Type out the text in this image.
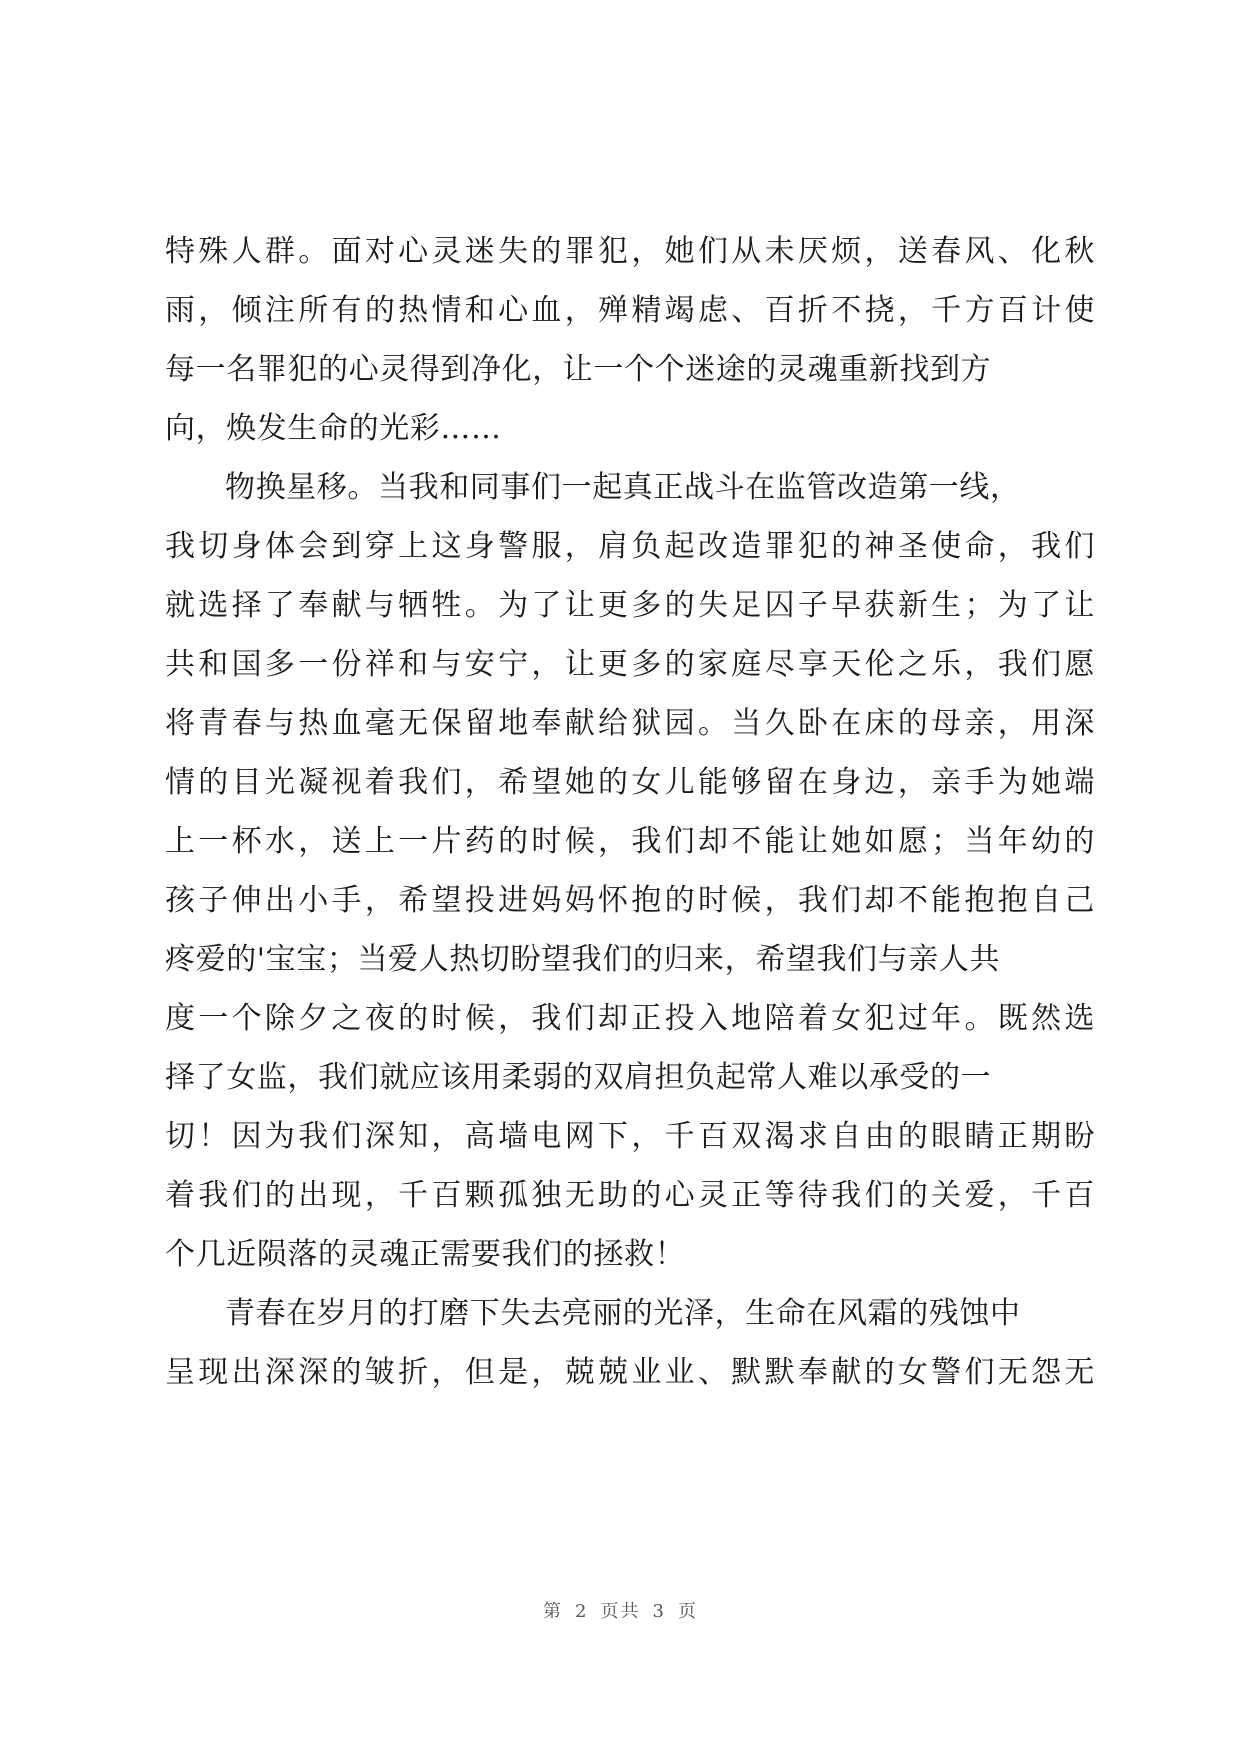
特殊人群。面对心灵迷失的罪犯，她们从未厌烦，送春风、化秋
雨，倾注所有的热情和心血，殚精竭虑、百折不挠，千方百计使
每一名罪犯的心灵得到净化，让一个个迷途的灵魂重新找到方
向，焕发生命的光彩……
物换星移。当我和同事们一起真正战斗在监管改造第一线，
我切身体会到穿上这身警服，肩负起改造罪犯的神圣使命，我们
就选择了奉献与牺牲。为了让更多的失足囚子早获新生；为了让
共和国多一份祥和与安宁，让更多的家庭尽享天伦之乐，我们愿
将青春与热血毫无保留地奉献给狱园。当久卧在床的母亲，用深
情的目光凝视着我们，希望她的女儿能够留在身边，亲手为她端
上一杯水，送上一片药的时候，我们却不能让她如愿；当年幼的
孩子伸出小手，希望投进妈妈怀抱的时候，我们却不能抱抱自己
疼爱的'宝宝；当爱人热切盼望我们的归来，希望我们与亲人共
度一个除夕之夜的时候，我们却正投入地陪着女犯过年。既然选
择了女监，我们就应该用柔弱的双肩担负起常人难以承受的一
切！因为我们深知，高墙电网下，千百双渴求自由的眼睛正期盼
着我们的出现，千百颗孤独无助的心灵正等待我们的关爱，千百
个几近陨落的灵魂正需要我们的拯救！
青春在岁月的打磨下失去亮丽的光泽，生命在风霜的残蚀中
呈现出深深的皱折，但是，兢兢业业、默默奉献的女警们无怨无
第 2 页共 3 页
